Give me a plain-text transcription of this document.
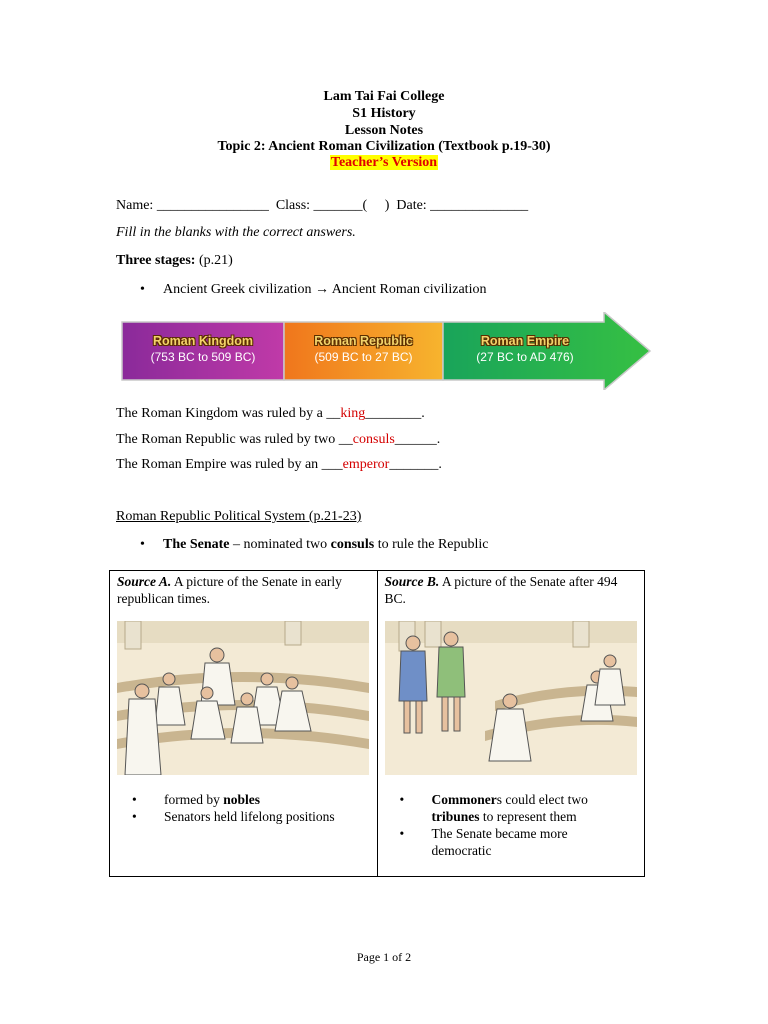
Lam Tai Fai College
S1 History
Lesson Notes
Topic 2: Ancient Roman Civilization (Textbook p.19-30)
Teacher’s Version
Name: ________________  Class: _______(     )  Date: ______________
Fill in the blanks with the correct answers.
Three stages: (p.21)
• Ancient Greek civilization → Ancient Roman civilization
Roman Kingdom
(753 BC to 509 BC)
Roman Republic
(509 BC to 27 BC)
Roman Empire
(27 BC to AD 476)
The Roman Kingdom was ruled by a __king________.
The Roman Republic was ruled by two __consuls______.
The Roman Empire was ruled by an ___emperor_______.
Roman Republic Political System (p.21-23)
• The Senate – nominated two consuls to rule the Republic
Source A. A picture of the Senate in early republican times.
• formed by nobles
• Senators held lifelong positions

Source B. A picture of the Senate after 494 BC.
• Commoners could elect two
tribunes to represent them
• The Senate became more democratic
Page 1 of 2
